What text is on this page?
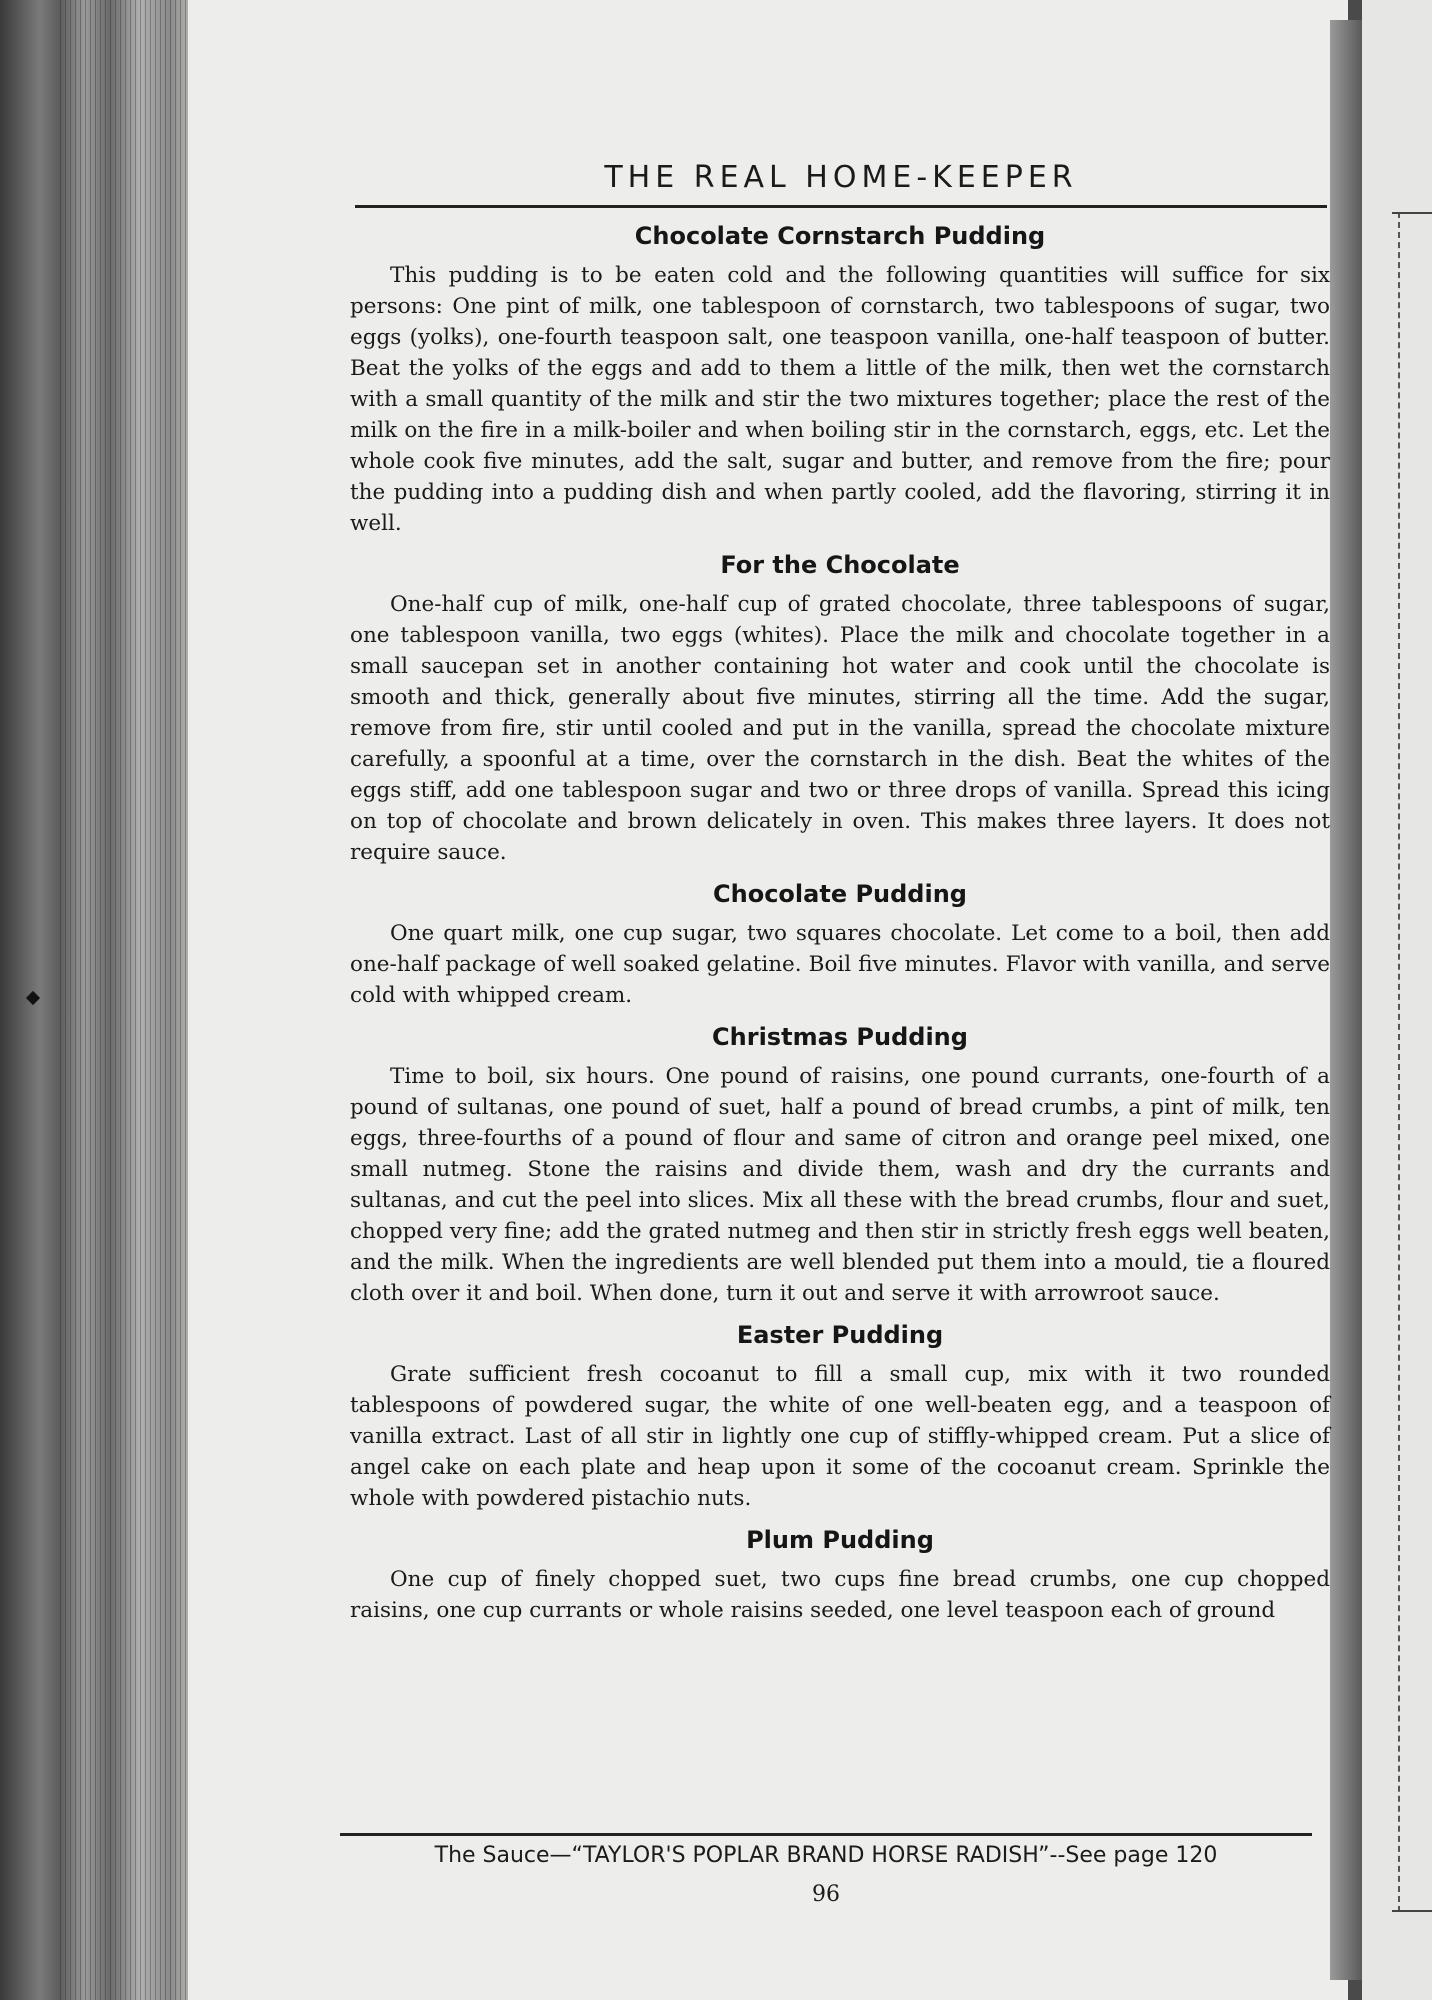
THE REAL HOME-KEEPER
Chocolate Cornstarch Pudding

This pudding is to be eaten cold and the following quantities will suffice for six persons: One pint of milk, one tablespoon of cornstarch, two tablespoons of sugar, two eggs (yolks), one-fourth teaspoon salt, one teaspoon vanilla, one-half teaspoon of butter. Beat the yolks of the eggs and add to them a little of the milk, then wet the cornstarch with a small quantity of the milk and stir the two mixtures together; place the rest of the milk on the fire in a milk-boiler and when boiling stir in the cornstarch, eggs, etc. Let the whole cook five minutes, add the salt, sugar and butter, and remove from the fire; pour the pudding into a pudding dish and when partly cooled, add the flavoring, stirring it in well.

For the Chocolate

One-half cup of milk, one-half cup of grated chocolate, three tablespoons of sugar, one tablespoon vanilla, two eggs (whites). Place the milk and chocolate together in a small saucepan set in another containing hot water and cook until the chocolate is smooth and thick, generally about five minutes, stirring all the time. Add the sugar, remove from fire, stir until cooled and put in the vanilla, spread the chocolate mixture carefully, a spoonful at a time, over the cornstarch in the dish. Beat the whites of the eggs stiff, add one tablespoon sugar and two or three drops of vanilla. Spread this icing on top of chocolate and brown delicately in oven. This makes three layers. It does not require sauce.

Chocolate Pudding

One quart milk, one cup sugar, two squares chocolate. Let come to a boil, then add one-half package of well soaked gelatine. Boil five minutes. Flavor with vanilla, and serve cold with whipped cream.

Christmas Pudding

Time to boil, six hours. One pound of raisins, one pound currants, one-fourth of a pound of sultanas, one pound of suet, half a pound of bread crumbs, a pint of milk, ten eggs, three-fourths of a pound of flour and same of citron and orange peel mixed, one small nutmeg. Stone the raisins and divide them, wash and dry the currants and sultanas, and cut the peel into slices. Mix all these with the bread crumbs, flour and suet, chopped very fine; add the grated nutmeg and then stir in strictly fresh eggs well beaten, and the milk. When the ingredients are well blended put them into a mould, tie a floured cloth over it and boil. When done, turn it out and serve it with arrowroot sauce.

Easter Pudding

Grate sufficient fresh cocoanut to fill a small cup, mix with it two rounded tablespoons of powdered sugar, the white of one well-beaten egg, and a teaspoon of vanilla extract. Last of all stir in lightly one cup of stiffly-whipped cream. Put a slice of angel cake on each plate and heap upon it some of the cocoanut cream. Sprinkle the whole with powdered pistachio nuts.

Plum Pudding

One cup of finely chopped suet, two cups fine bread crumbs, one cup chopped raisins, one cup currants or whole raisins seeded, one level teaspoon each of ground

The Sauce—“TAYLOR'S POPLAR BRAND HORSE RADISH”--See page 120
96
